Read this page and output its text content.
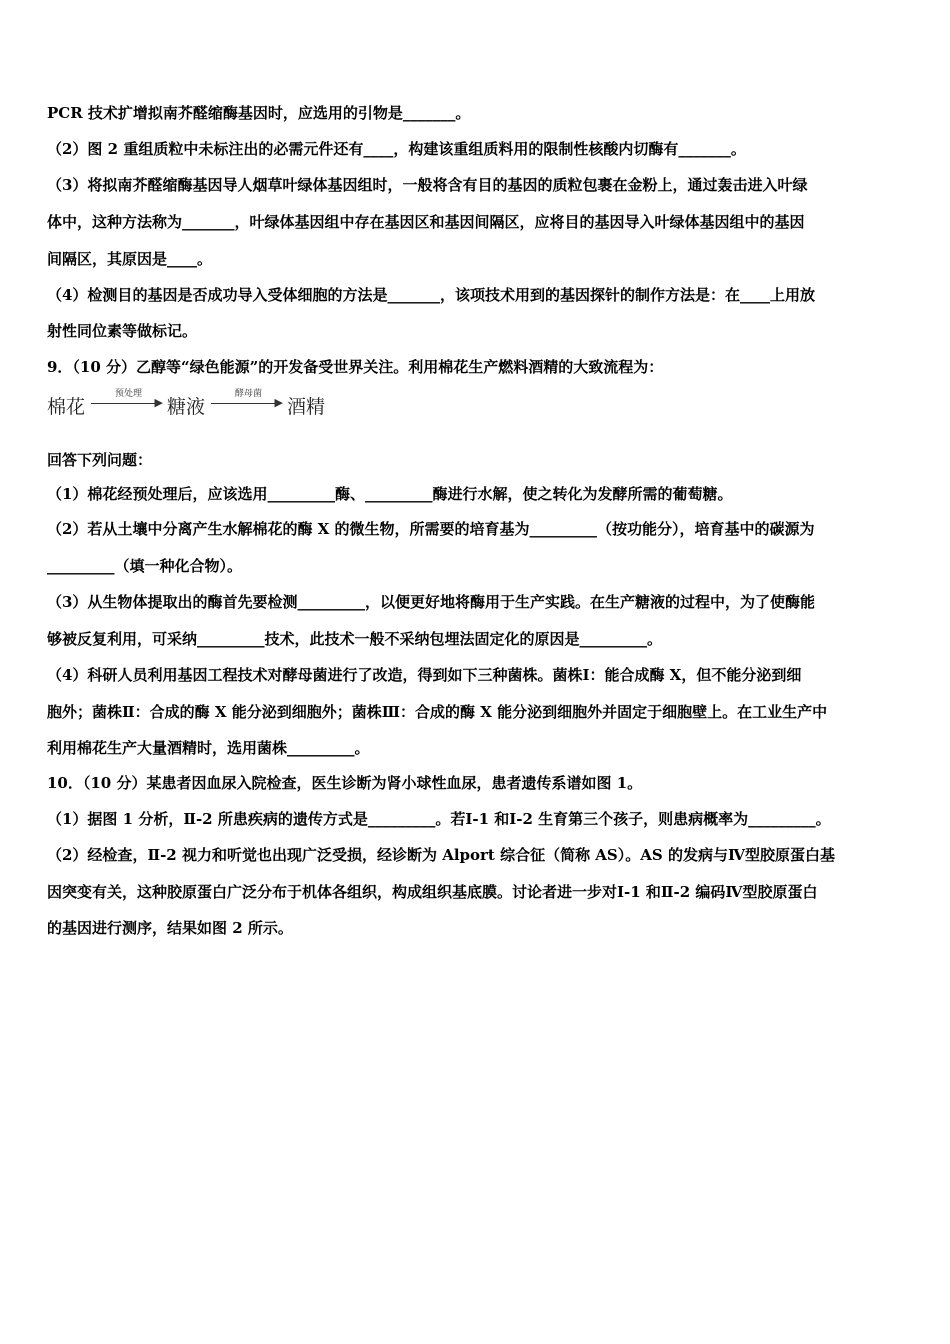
PCR 技术扩增拟南芥醛缩酶基因时，应选用的引物是_______。
（2）图 2 重组质粒中未标注出的必需元件还有____，构建该重组质料用的限制性核酸内切酶有_______。
（3）将拟南芥醛缩酶基因导人烟草叶绿体基因组时，一般将含有目的基因的质粒包裹在金粉上，通过轰击进入叶绿
体中，这种方法称为_______，叶绿体基因组中存在基因区和基因间隔区，应将目的基因导入叶绿体基因组中的基因
间隔区，其原因是____。
（4）检测目的基因是否成功导入受体细胞的方法是_______，该项技术用到的基因探针的制作方法是：在____上用放
射性同位素等做标记。
9．（10 分）乙醇等“绿色能源”的开发备受世界关注。利用棉花生产燃料酒精的大致流程为：
棉花
预处理
▶ 糖液
酵母菌
▶ 酒精
回答下列问题：
（1）棉花经预处理后，应该选用_________酶、_________酶进行水解，使之转化为发酵所需的葡萄糖。
（2）若从土壤中分离产生水解棉花的酶 X 的微生物，所需要的培育基为_________（按功能分），培育基中的碳源为
_________（填一种化合物）。
（3）从生物体提取出的酶首先要检测_________，以便更好地将酶用于生产实践。在生产糖液的过程中，为了使酶能
够被反复利用，可采纳_________技术，此技术一般不采纳包埋法固定化的原因是_________。
（4）科研人员利用基因工程技术对酵母菌进行了改造，得到如下三种菌株。菌株Ⅰ：能合成酶 X，但不能分泌到细
胞外；菌株Ⅱ：合成的酶 X 能分泌到细胞外；菌株Ⅲ：合成的酶 X 能分泌到细胞外并固定于细胞壁上。在工业生产中
利用棉花生产大量酒精时，选用菌株_________。
10．（10 分）某患者因血尿入院检查，医生诊断为肾小球性血尿，患者遗传系谱如图 1。
（1）据图 1 分析，Ⅱ-2 所患疾病的遗传方式是_________。若Ⅰ-1 和Ⅰ-2 生育第三个孩子，则患病概率为_________。
（2）经检查，Ⅱ-2 视力和听觉也出现广泛受损，经诊断为 Alport 综合征（简称 AS）。AS 的发病与Ⅳ型胶原蛋白基
因突变有关，这种胶原蛋白广泛分布于机体各组织，构成组织基底膜。讨论者进一步对Ⅰ-1 和Ⅱ-2 编码Ⅳ型胶原蛋白
的基因进行测序，结果如图 2 所示。
